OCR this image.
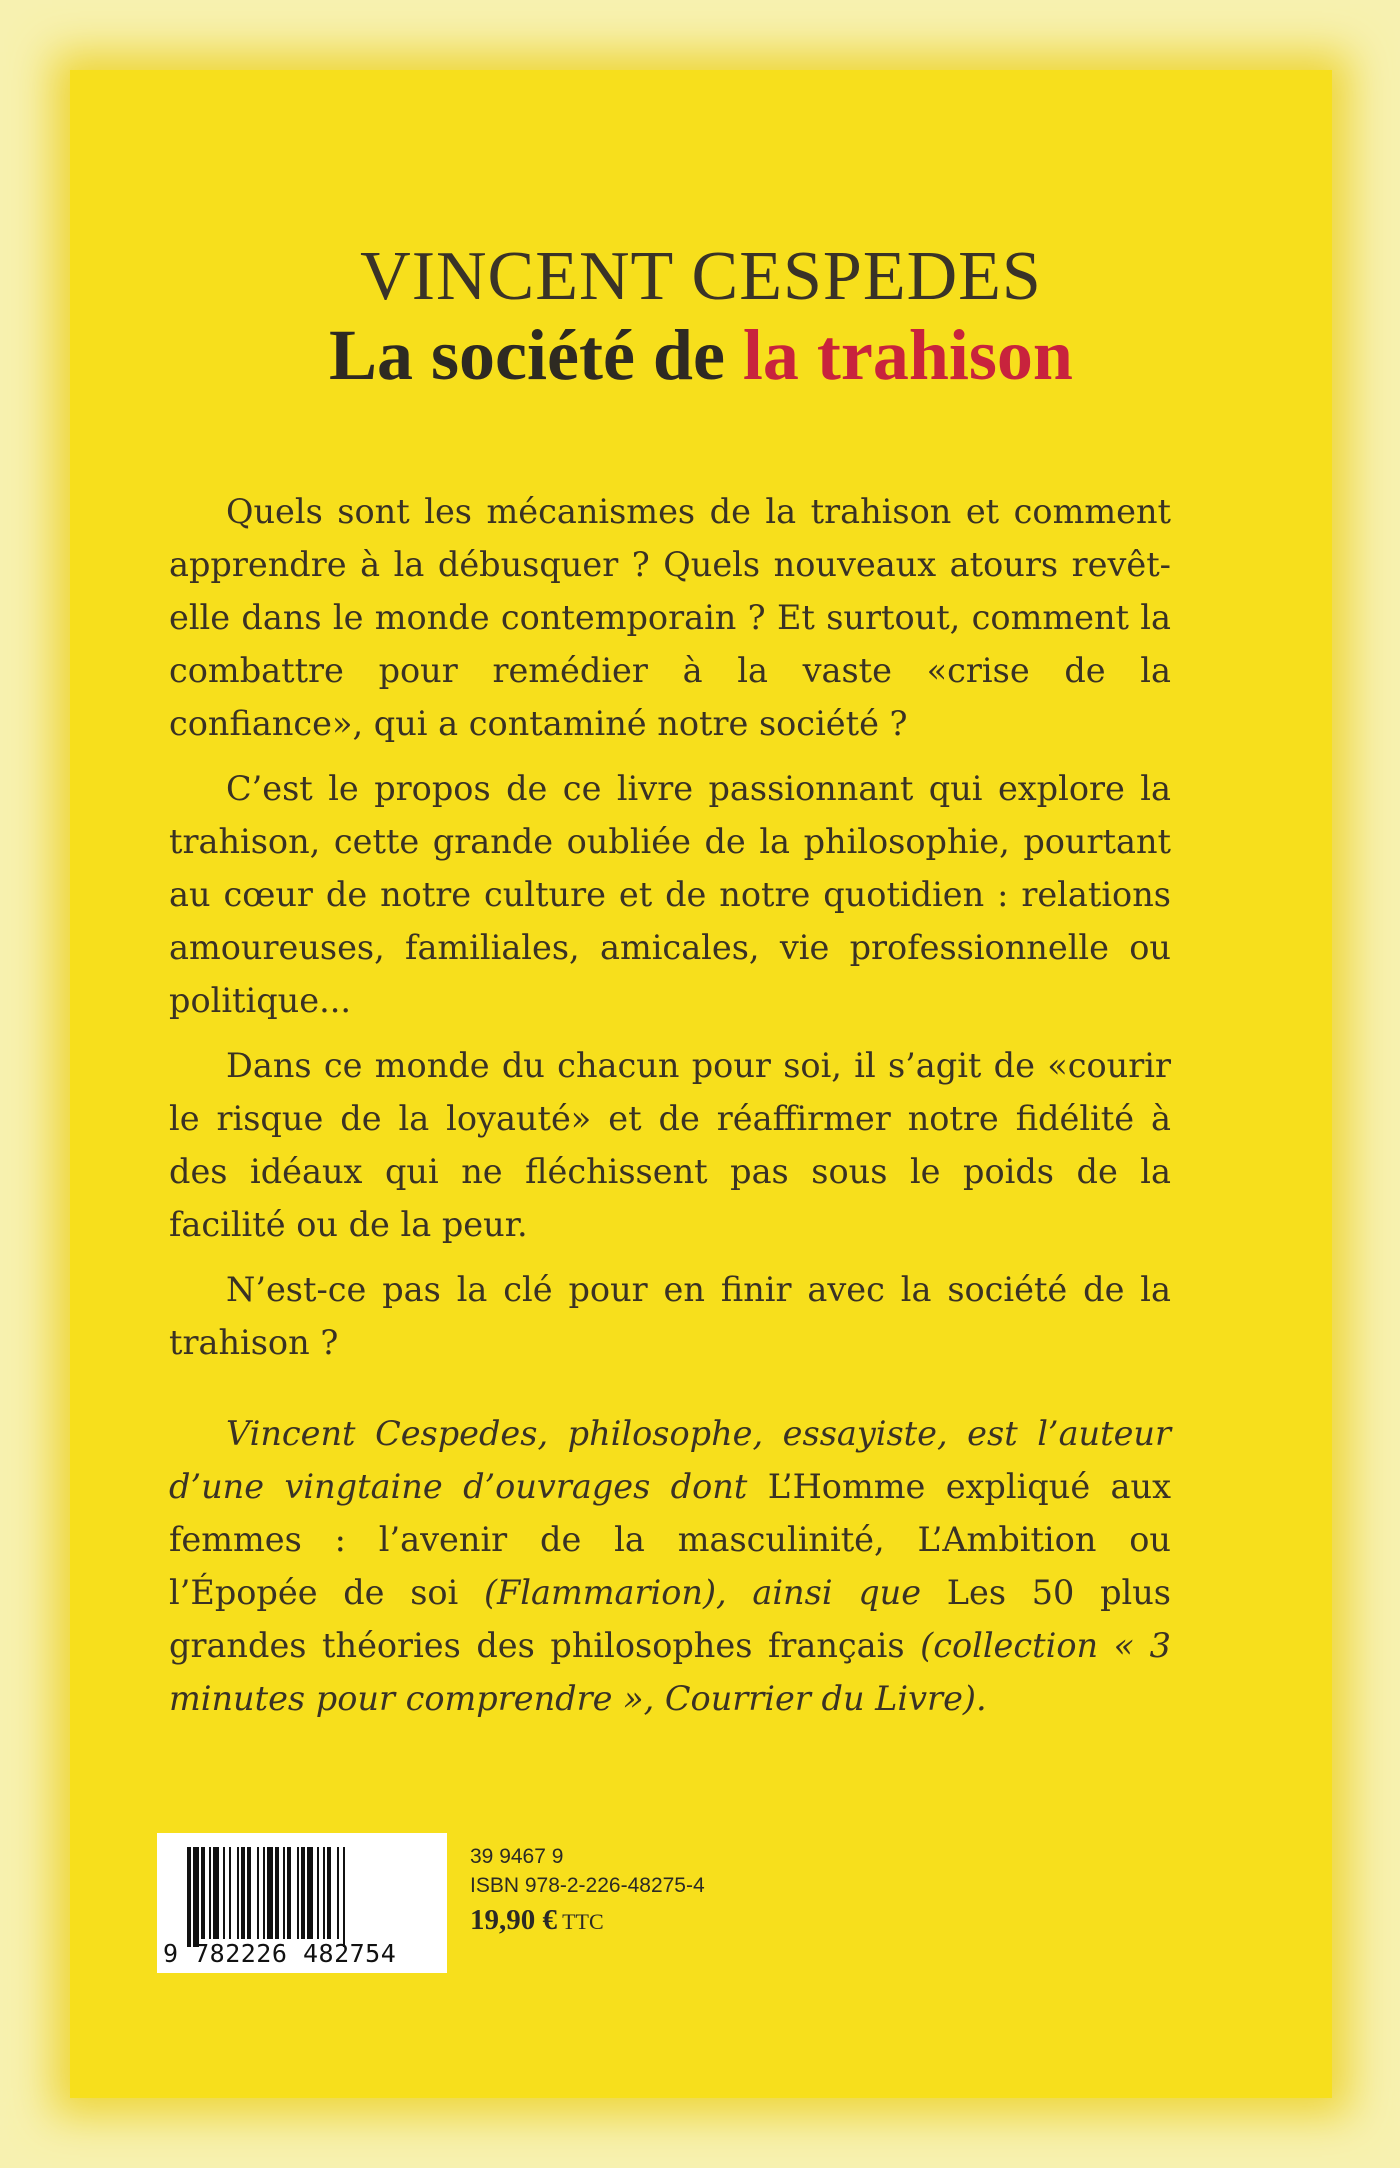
VINCENT CESPEDES
La société de la trahison

Quels sont les mécanismes de la trahison et comment apprendre à la débusquer ? Quels nouveaux atours revêt-elle dans le monde contemporain ? Et surtout, comment la combattre pour remédier à la vaste «crise de la confiance», qui a contaminé notre société ?

C’est le propos de ce livre passionnant qui explore la trahison, cette grande oubliée de la philosophie, pourtant au cœur de notre culture et de notre quotidien : relations amoureuses, familiales, amicales, vie professionnelle ou politique...

Dans ce monde du chacun pour soi, il s’agit de «courir le risque de la loyauté» et de réaffirmer notre fidélité à des idéaux qui ne fléchissent pas sous le poids de la facilité ou de la peur.

N’est-ce pas la clé pour en finir avec la société de la trahison ?

Vincent Cespedes, philosophe, essayiste, est l’auteur d’une vingtaine d’ouvrages dont L’Homme expliqué aux femmes : l’avenir de la masculinité, L’Ambition ou l’Épopée de soi (Flammarion), ainsi que Les 50 plus grandes théories des philosophes français (collection « 3 minutes pour comprendre », Courrier du Livre).

9 782226 482754
39 9467 9
ISBN 978-2-226-48275-4
19,90 € TTC
